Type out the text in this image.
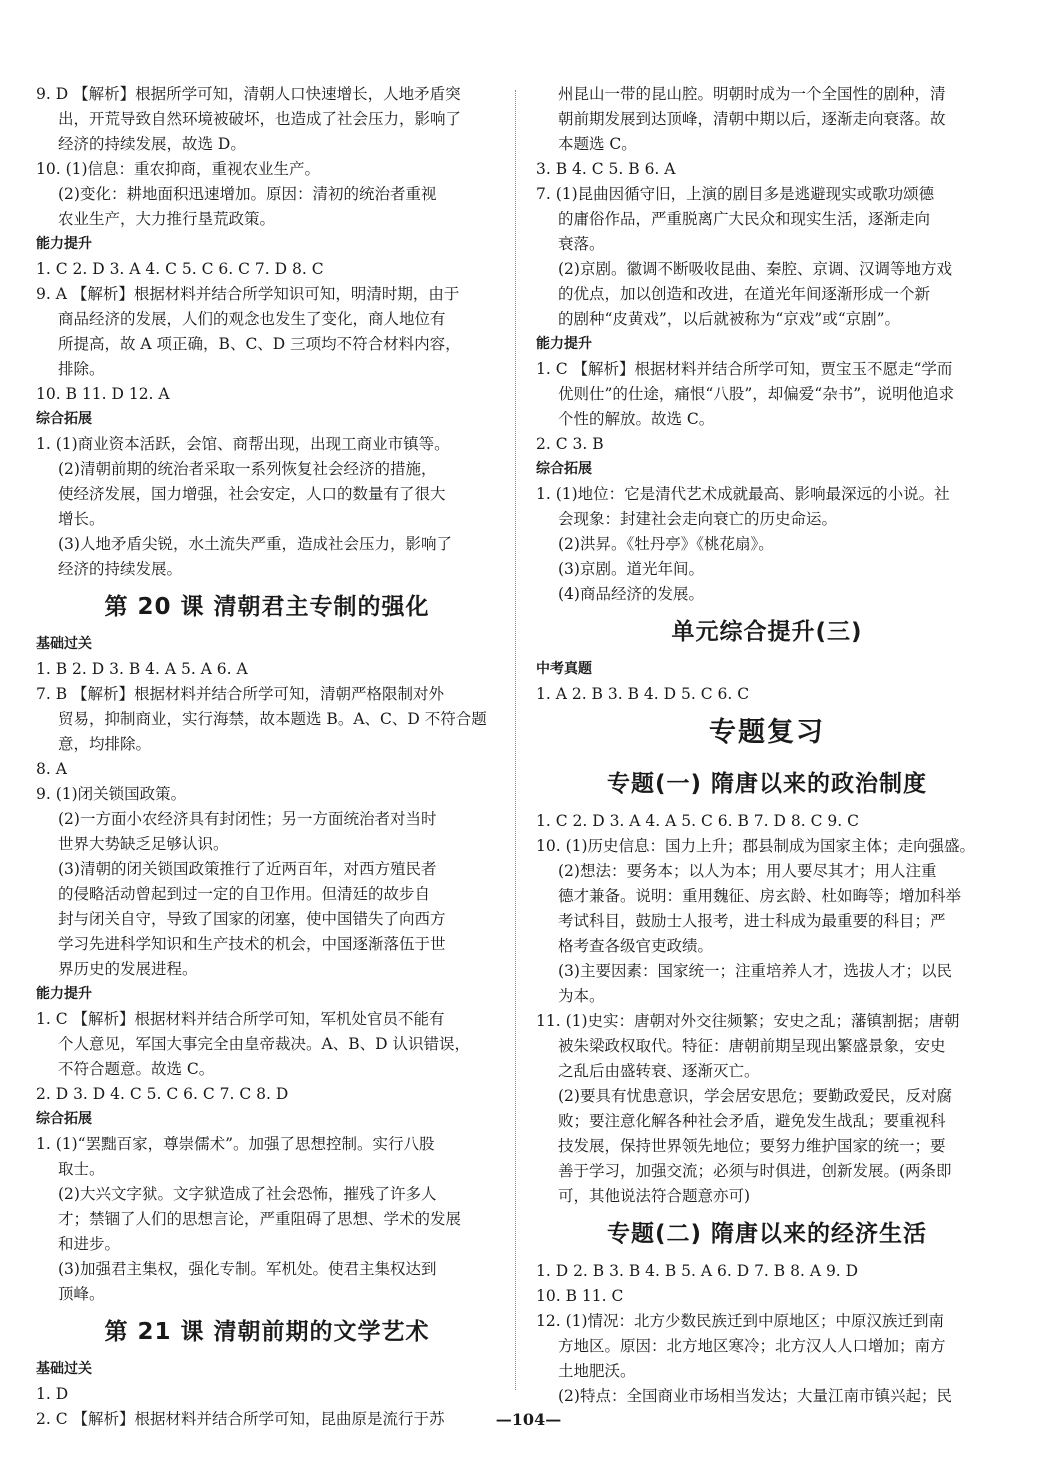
9. D 【解析】根据所学可知，清朝人口快速增长，人地矛盾突
出，开荒导致自然环境被破坏，也造成了社会压力，影响了
经济的持续发展，故选 D。
10. (1)信息：重农抑商，重视农业生产。
(2)变化：耕地面积迅速增加。原因：清初的统治者重视
农业生产，大力推行垦荒政策。
能力提升
1. C 2. D 3. A 4. C 5. C 6. C 7. D 8. C
9. A 【解析】根据材料并结合所学知识可知，明清时期，由于
商品经济的发展，人们的观念也发生了变化，商人地位有
所提高，故 A 项正确，B、C、D 三项均不符合材料内容，
排除。
10. B 11. D 12. A
综合拓展
1. (1)商业资本活跃，会馆、商帮出现，出现工商业市镇等。
(2)清朝前期的统治者采取一系列恢复社会经济的措施，
使经济发展，国力增强，社会安定，人口的数量有了很大
增长。
(3)人地矛盾尖锐，水土流失严重，造成社会压力，影响了
经济的持续发展。
第 20 课 清朝君主专制的强化
基础过关
1. B 2. D 3. B 4. A 5. A 6. A
7. B 【解析】根据材料并结合所学可知，清朝严格限制对外
贸易，抑制商业，实行海禁，故本题选 B。A、C、D 不符合题
意，均排除。
8. A
9. (1)闭关锁国政策。
(2)一方面小农经济具有封闭性；另一方面统治者对当时
世界大势缺乏足够认识。
(3)清朝的闭关锁国政策推行了近两百年，对西方殖民者
的侵略活动曾起到过一定的自卫作用。但清廷的故步自
封与闭关自守，导致了国家的闭塞，使中国错失了向西方
学习先进科学知识和生产技术的机会，中国逐渐落伍于世
界历史的发展进程。
能力提升
1. C 【解析】根据材料并结合所学可知，军机处官员不能有
个人意见，军国大事完全由皇帝裁决。A、B、D 认识错误，
不符合题意。故选 C。
2. D 3. D 4. C 5. C 6. C 7. C 8. D
综合拓展
1. (1)“罢黜百家，尊崇儒术”。加强了思想控制。实行八股
取士。
(2)大兴文字狱。文字狱造成了社会恐怖，摧残了许多人
才；禁锢了人们的思想言论，严重阻碍了思想、学术的发展
和进步。
(3)加强君主集权，强化专制。军机处。使君主集权达到
顶峰。
第 21 课 清朝前期的文学艺术
基础过关
1. D
2. C 【解析】根据材料并结合所学可知，昆曲原是流行于苏
州昆山一带的昆山腔。明朝时成为一个全国性的剧种，清
朝前期发展到达顶峰，清朝中期以后，逐渐走向衰落。故
本题选 C。
3. B 4. C 5. B 6. A
7. (1)昆曲因循守旧，上演的剧目多是逃避现实或歌功颂德
的庸俗作品，严重脱离广大民众和现实生活，逐渐走向
衰落。
(2)京剧。徽调不断吸收昆曲、秦腔、京调、汉调等地方戏
的优点，加以创造和改进，在道光年间逐渐形成一个新
的剧种“皮黄戏”，以后就被称为“京戏”或“京剧”。
能力提升
1. C 【解析】根据材料并结合所学可知，贾宝玉不愿走“学而
优则仕”的仕途，痛恨“八股”，却偏爱“杂书”，说明他追求
个性的解放。故选 C。
2. C 3. B
综合拓展
1. (1)地位：它是清代艺术成就最高、影响最深远的小说。社
会现象：封建社会走向衰亡的历史命运。
(2)洪昇。《牡丹亭》《桃花扇》。
(3)京剧。道光年间。
(4)商品经济的发展。
单元综合提升(三)
中考真题
1. A 2. B 3. B 4. D 5. C 6. C
专题复习
专题(一) 隋唐以来的政治制度
1. C 2. D 3. A 4. A 5. C 6. B 7. D 8. C 9. C
10. (1)历史信息：国力上升；郡县制成为国家主体；走向强盛。
(2)想法：要务本；以人为本；用人要尽其才；用人注重
德才兼备。说明：重用魏征、房玄龄、杜如晦等；增加科举
考试科目，鼓励士人报考，进士科成为最重要的科目；严
格考查各级官吏政绩。
(3)主要因素：国家统一；注重培养人才，选拔人才；以民
为本。
11. (1)史实：唐朝对外交往频繁；安史之乱；藩镇割据；唐朝
被朱梁政权取代。特征：唐朝前期呈现出繁盛景象，安史
之乱后由盛转衰、逐渐灭亡。
(2)要具有忧患意识，学会居安思危；要勤政爱民，反对腐
败；要注意化解各种社会矛盾，避免发生战乱；要重视科
技发展，保持世界领先地位；要努力维护国家的统一；要
善于学习，加强交流；必须与时俱进，创新发展。(两条即
可，其他说法符合题意亦可)
专题(二) 隋唐以来的经济生活
1. D 2. B 3. B 4. B 5. A 6. D 7. B 8. A 9. D
10. B 11. C
12. (1)情况：北方少数民族迁到中原地区；中原汉族迁到南
方地区。原因：北方地区寒冷；北方汉人人口增加；南方
土地肥沃。
(2)特点：全国商业市场相当发达；大量江南市镇兴起；民
—104—
